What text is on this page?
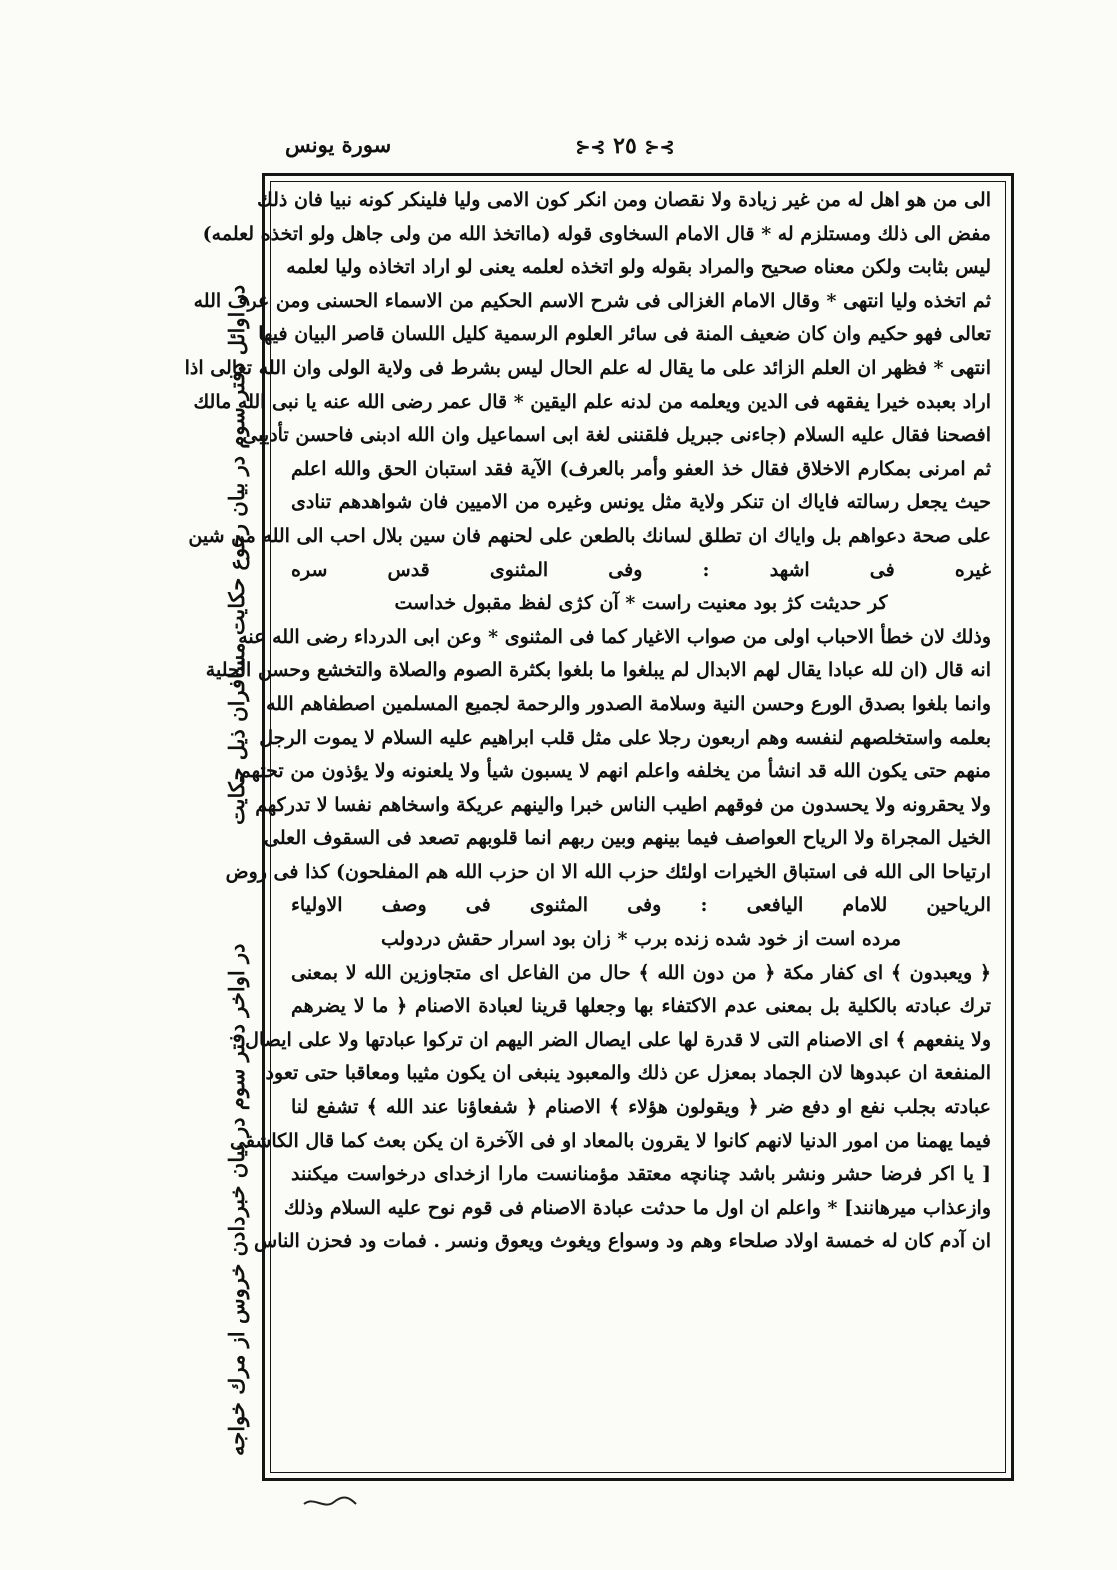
⊱⊰ ٢٥ ⊱⊰
سورة يونس
در اوائل دفتر سوم در بيان رجوع حكايت مسافران ذيل حكايت
در اواخر دفتر سوم در بيان خبردادن خروس از مرك خواجه
الى من هو اهل له من غير زيادة ولا نقصان ومن انكر كون الامى وليا فلينكر كونه نبيا فان ذلك
مفض الى ذلك ومستلزم له * قال الامام السخاوى قوله (مااتخذ الله من ولى جاهل ولو اتخذه لعلمه)
ليس بثابت ولكن معناه صحيح والمراد بقوله ولو اتخذه لعلمه يعنى لو اراد اتخاذه وليا لعلمه
ثم اتخذه وليا انتهى * وقال الامام الغزالى فى شرح الاسم الحكيم من الاسماء الحسنى ومن عرف الله
تعالى فهو حكيم وان كان ضعيف المنة فى سائر العلوم الرسمية كليل اللسان قاصر البيان فيها
انتهى * فظهر ان العلم الزائد على ما يقال له علم الحال ليس بشرط فى ولاية الولى وان الله تعالى اذا
اراد بعبده خيرا يفقهه فى الدين ويعلمه من لدنه علم اليقين * قال عمر رضى الله عنه يا نبى الله مالك
افصحنا فقال عليه السلام (جاءنى جبريل فلقننى لغة ابى اسماعيل وان الله ادبنى فاحسن تأديبى
ثم امرنى بمكارم الاخلاق فقال خذ العفو وأمر بالعرف) الآية فقد استبان الحق والله اعلم
حيث يجعل رسالته فاياك ان تنكر ولاية مثل يونس وغيره من الاميين فان شواهدهم تنادى
على صحة دعواهم بل واياك ان تطلق لسانك بالطعن على لحنهم فان سين بلال احب الى الله من شين
غيره فى اشهد : وفى المثنوى قدس سره
كر حديثت كژ بود معنيت راست * آن كژى لفظ مقبول خداست
وذلك لان خطأ الاحباب اولى من صواب الاغيار كما فى المثنوى * وعن ابى الدرداء رضى الله عنه
انه قال (ان لله عبادا يقال لهم الابدال لم يبلغوا ما بلغوا بكثرة الصوم والصلاة والتخشع وحسن الحلية
وانما بلغوا بصدق الورع وحسن النية وسلامة الصدور والرحمة لجميع المسلمين اصطفاهم الله
بعلمه واستخلصهم لنفسه وهم اربعون رجلا على مثل قلب ابراهيم عليه السلام لا يموت الرجل
منهم حتى يكون الله قد انشأ من يخلفه واعلم انهم لا يسبون شيأ ولا يلعنونه ولا يؤذون من تحتهم
ولا يحقرونه ولا يحسدون من فوقهم اطيب الناس خبرا والينهم عريكة واسخاهم نفسا لا تدركهم
الخيل المجراة ولا الرياح العواصف فيما بينهم وبين ربهم انما قلوبهم تصعد فى السقوف العلى
ارتياحا الى الله فى استباق الخيرات اولئك حزب الله الا ان حزب الله هم المفلحون) كذا فى روض
الرياحين للامام اليافعى : وفى المثنوى فى وصف الاولياء
مرده است از خود شده زنده برب * زان بود اسرار حقش دردولب
﴿ ويعبدون ﴾ اى كفار مكة ﴿ من دون الله ﴾ حال من الفاعل اى متجاوزين الله لا بمعنى
ترك عبادته بالكلية بل بمعنى عدم الاكتفاء بها وجعلها قرينا لعبادة الاصنام ﴿ ما لا يضرهم
ولا ينفعهم ﴾ اى الاصنام التى لا قدرة لها على ايصال الضر اليهم ان تركوا عبادتها ولا على ايصال
المنفعة ان عبدوها لان الجماد بمعزل عن ذلك والمعبود ينبغى ان يكون مثيبا ومعاقبا حتى تعود
عبادته بجلب نفع او دفع ضر ﴿ ويقولون هؤلاء ﴾ الاصنام ﴿ شفعاؤنا عند الله ﴾ تشفع لنا
فيما يهمنا من امور الدنيا لانهم كانوا لا يقرون بالمعاد او فى الآخرة ان يكن بعث كما قال الكاشفى
[ يا اكر فرضا حشر ونشر باشد چنانچه معتقد مؤمنانست مارا ازخداى درخواست ميكنند
وازعذاب ميرهانند] * واعلم ان اول ما حدثت عبادة الاصنام فى قوم نوح عليه السلام وذلك
ان آدم كان له خمسة اولاد صلحاء وهم ود وسواع ويغوث ويعوق ونسر . فمات ود فحزن الناس
